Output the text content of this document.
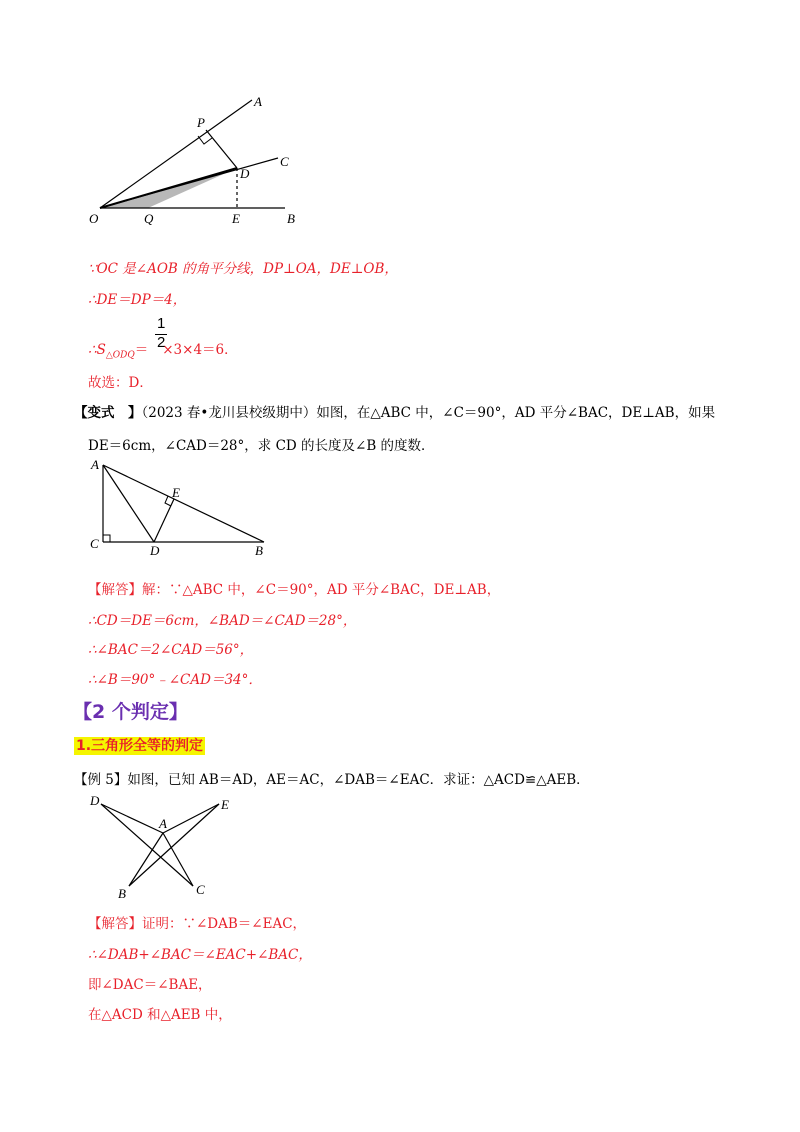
A
P
C
D
O	Q	E	B
∵OC 是∠AOB 的角平分线，DP⊥OA，DE⊥OB，
∴DE＝DP＝4，
$\therefore S_{\triangle ODQ}= \times 3\times 4=6$．
1
2
故选：D．
【变式　】（2023 春•龙川县校级期中）如图，在△ABC 中，∠C＝90°，AD 平分∠BAC，DE⊥AB，如果
DE＝6cm，∠CAD＝28°，求 CD 的长度及∠B 的度数．
A
E
C	D	B
【解答】解：∵△ABC 中，∠C＝90°，AD 平分∠BAC，DE⊥AB，
∴CD＝DE＝6cm，∠BAD＝∠CAD＝28°，
∴∠BAC＝2∠CAD＝56°，
∴∠B＝90°﹣∠CAD＝34°．
【2 个判定】
1.三角形全等的判定
【例 5】如图，已知 AB＝AD，AE＝AC，∠DAB＝∠EAC．求证：△ACD≌△AEB．
D	E
A
B	C
【解答】证明：∵∠DAB＝∠EAC，
∴∠DAB+∠BAC＝∠EAC+∠BAC，
即∠DAC＝∠BAE，
在△ACD 和△AEB 中，
